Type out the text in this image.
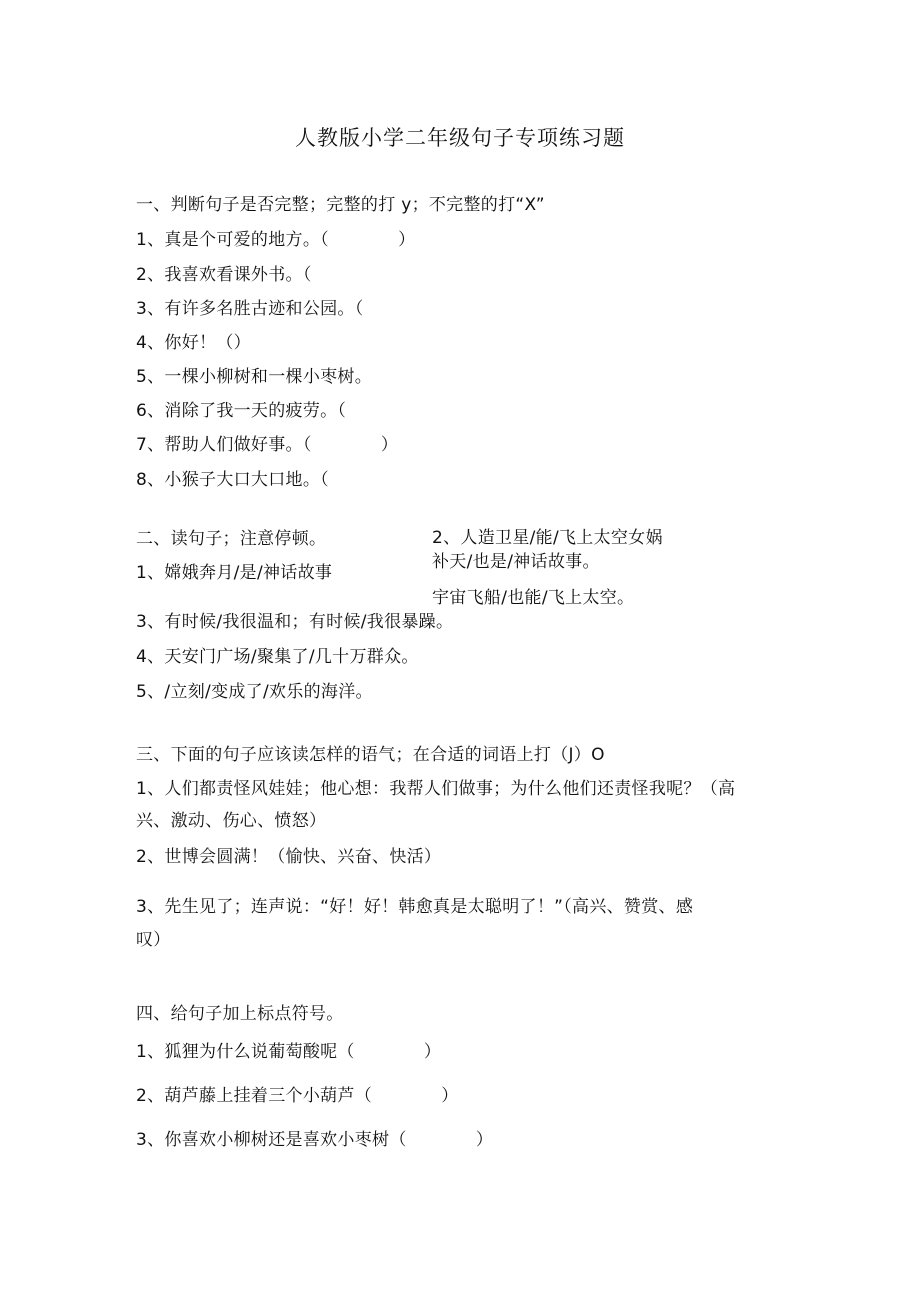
人教版小学二年级句子专项练习题
一、判断句子是否完整；完整的打 y；不完整的打“X”
1、真是个可爱的地方。（　　　　）
2、我喜欢看课外书。（
3、有许多名胜古迹和公园。（
4、你好！（）
5、一棵小柳树和一棵小枣树。
6、消除了我一天的疲劳。（
7、帮助人们做好事。（　　　　）
8、小猴子大口大口地。（
二、读句子；注意停顿。	2、人造卫星/能/飞上太空女娲
补天/也是/神话故事。
1、嫦娥奔月/是/神话故事
宇宙飞船/也能/飞上太空。
3、有时候/我很温和；有时候/我很暴躁。
4、天安门广场/聚集了/几十万群众。
5、/立刻/变成了/欢乐的海洋。
三、下面的句子应该读怎样的语气；在合适的词语上打（J）O
1、人们都责怪风娃娃；他心想：我帮人们做事；为什么他们还责怪我呢？（高
兴、激动、伤心、愤怒）
2、世博会圆满！（愉快、兴奋、快活）
3、先生见了；连声说：“好！好！韩愈真是太聪明了！”（高兴、赞赏、感
叹）
四、给句子加上标点符号。
1、狐狸为什么说葡萄酸呢（　　　　）
2、葫芦藤上挂着三个小葫芦（　　　　）
3、你喜欢小柳树还是喜欢小枣树（　　　　）
